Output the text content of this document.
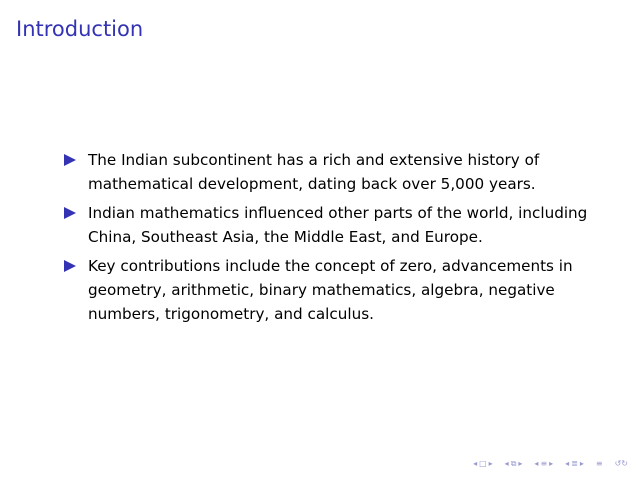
Introduction
The Indian subcontinent has a rich and extensive history of mathematical development, dating back over 5,000 years.
Indian mathematics influenced other parts of the world, including China, Southeast Asia, the Middle East, and Europe.
Key contributions include the concept of zero, advancements in geometry, arithmetic, binary mathematics, algebra, negative numbers, trigonometry, and calculus.
◂ □ ▸ ◂ ⧉ ▸ ◂ ≡ ▸ ◂ ≣ ▸ ≡ ↺↻
